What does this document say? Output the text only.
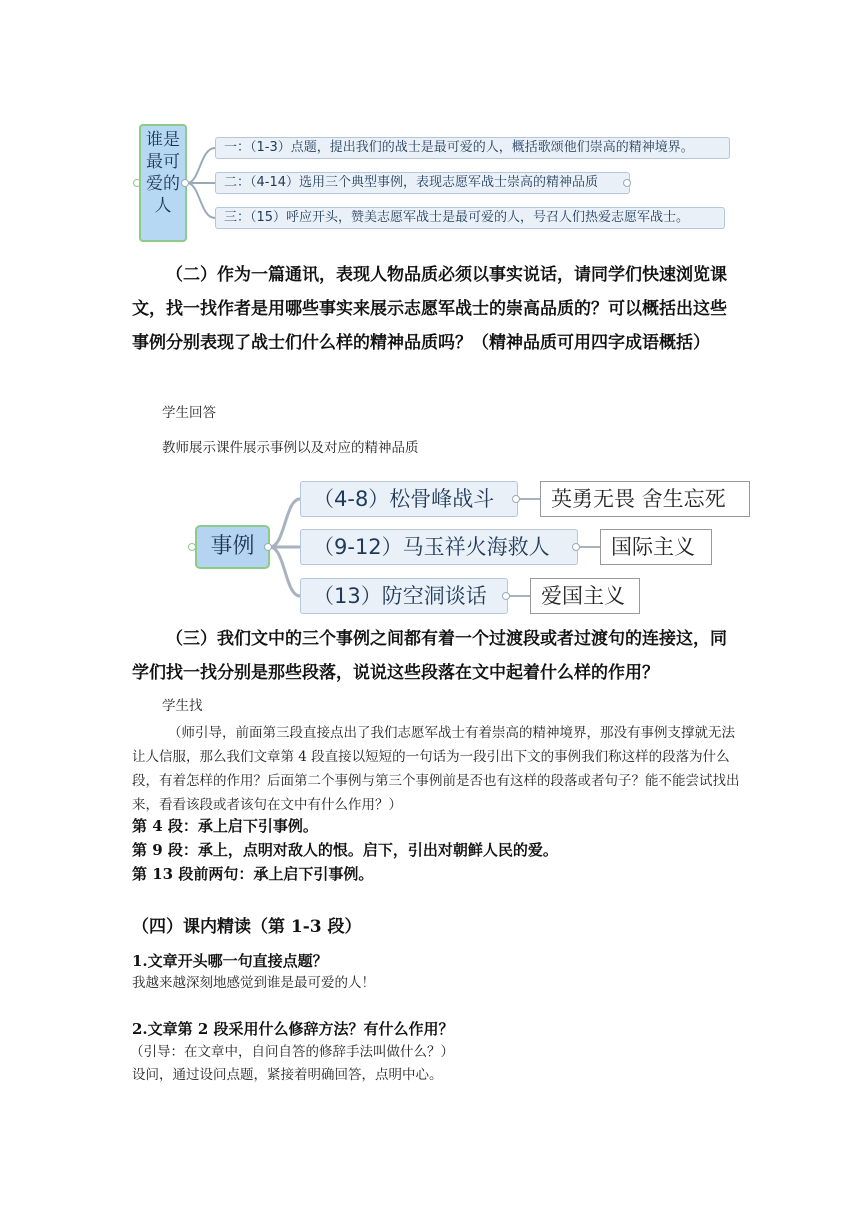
谁是最可爱的人
一：（1-3）点题，提出我们的战士是最可爱的人，概括歌颂他们崇高的精神境界。
二：（4-14）选用三个典型事例，表现志愿军战士崇高的精神品质
三：（15）呼应开头，赞美志愿军战士是最可爱的人，号召人们热爱志愿军战士。
（二）作为一篇通讯，表现人物品质必须以事实说话，请同学们快速浏览课文，找一找作者是用哪些事实来展示志愿军战士的崇高品质的？可以概括出这些事例分别表现了战士们什么样的精神品质吗？（精神品质可用四字成语概括）
学生回答
教师展示课件展示事例以及对应的精神品质
事例
（4-8）松骨峰战斗	英勇无畏 舍生忘死
（9-12）马玉祥火海救人	国际主义
（13）防空洞谈话	爱国主义
（三）我们文中的三个事例之间都有着一个过渡段或者过渡句的连接这，同学们找一找分别是那些段落，说说这些段落在文中起着什么样的作用？
学生找
（师引导，前面第三段直接点出了我们志愿军战士有着崇高的精神境界，那没有事例支撑就无法让人信服，那么我们文章第 4 段直接以短短的一句话为一段引出下文的事例我们称这样的段落为什么段，有着怎样的作用？后面第二个事例与第三个事例前是否也有这样的段落或者句子？能不能尝试找出来，看看该段或者该句在文中有什么作用？）
第 4 段：承上启下引事例。
第 9 段：承上，点明对敌人的恨。启下，引出对朝鲜人民的爱。
第 13 段前两句：承上启下引事例。
（四）课内精读（第 1-3 段）
1.文章开头哪一句直接点题？
我越来越深刻地感觉到谁是最可爱的人！
2.文章第 2 段采用什么修辞方法？有什么作用？
（引导：在文章中，自问自答的修辞手法叫做什么？）
设问，通过设问点题，紧接着明确回答，点明中心。
